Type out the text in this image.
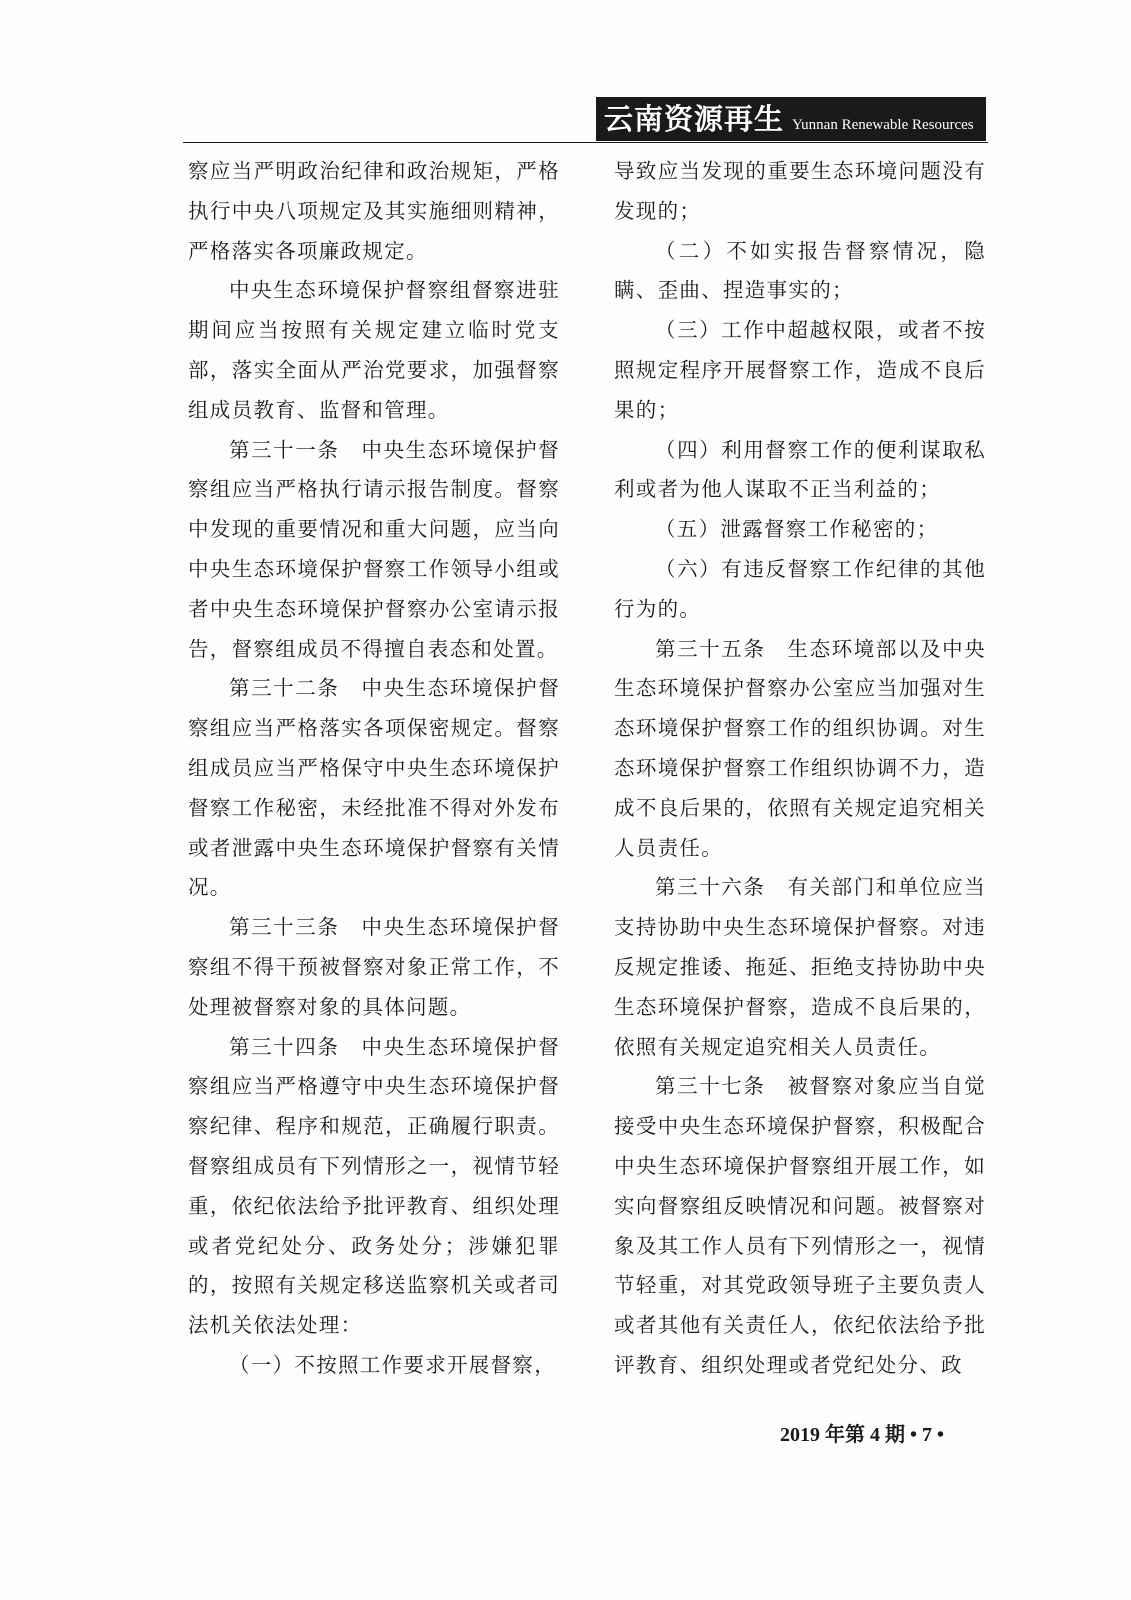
云南资源再生 Yunnan Renewable Resources

察应当严明政治纪律和政治规矩，严格执行中央八项规定及其实施细则精神，严格落实各项廉政规定。

中央生态环境保护督察组督察进驻期间应当按照有关规定建立临时党支部，落实全面从严治党要求，加强督察组成员教育、监督和管理。

第三十一条　中央生态环境保护督察组应当严格执行请示报告制度。督察中发现的重要情况和重大问题，应当向中央生态环境保护督察工作领导小组或者中央生态环境保护督察办公室请示报告，督察组成员不得擅自表态和处置。

第三十二条　中央生态环境保护督察组应当严格落实各项保密规定。督察组成员应当严格保守中央生态环境保护督察工作秘密，未经批准不得对外发布或者泄露中央生态环境保护督察有关情况。

第三十三条　中央生态环境保护督察组不得干预被督察对象正常工作，不处理被督察对象的具体问题。

第三十四条　中央生态环境保护督察组应当严格遵守中央生态环境保护督察纪律、程序和规范，正确履行职责。督察组成员有下列情形之一，视情节轻重，依纪依法给予批评教育、组织处理或者党纪处分、政务处分；涉嫌犯罪的，按照有关规定移送监察机关或者司法机关依法处理：

（一）不按照工作要求开展督察，

导致应当发现的重要生态环境问题没有发现的；

（二）不如实报告督察情况，隐瞒、歪曲、捏造事实的；

（三）工作中超越权限，或者不按照规定程序开展督察工作，造成不良后果的；

（四）利用督察工作的便利谋取私利或者为他人谋取不正当利益的；

（五）泄露督察工作秘密的；

（六）有违反督察工作纪律的其他行为的。

第三十五条　生态环境部以及中央生态环境保护督察办公室应当加强对生态环境保护督察工作的组织协调。对生态环境保护督察工作组织协调不力，造成不良后果的，依照有关规定追究相关人员责任。

第三十六条　有关部门和单位应当支持协助中央生态环境保护督察。对违反规定推诿、拖延、拒绝支持协助中央生态环境保护督察，造成不良后果的，依照有关规定追究相关人员责任。

第三十七条　被督察对象应当自觉接受中央生态环境保护督察，积极配合中央生态环境保护督察组开展工作，如实向督察组反映情况和问题。被督察对象及其工作人员有下列情形之一，视情节轻重，对其党政领导班子主要负责人或者其他有关责任人，依纪依法给予批评教育、组织处理或者党纪处分、政

2019 年第 4 期 • 7 •
